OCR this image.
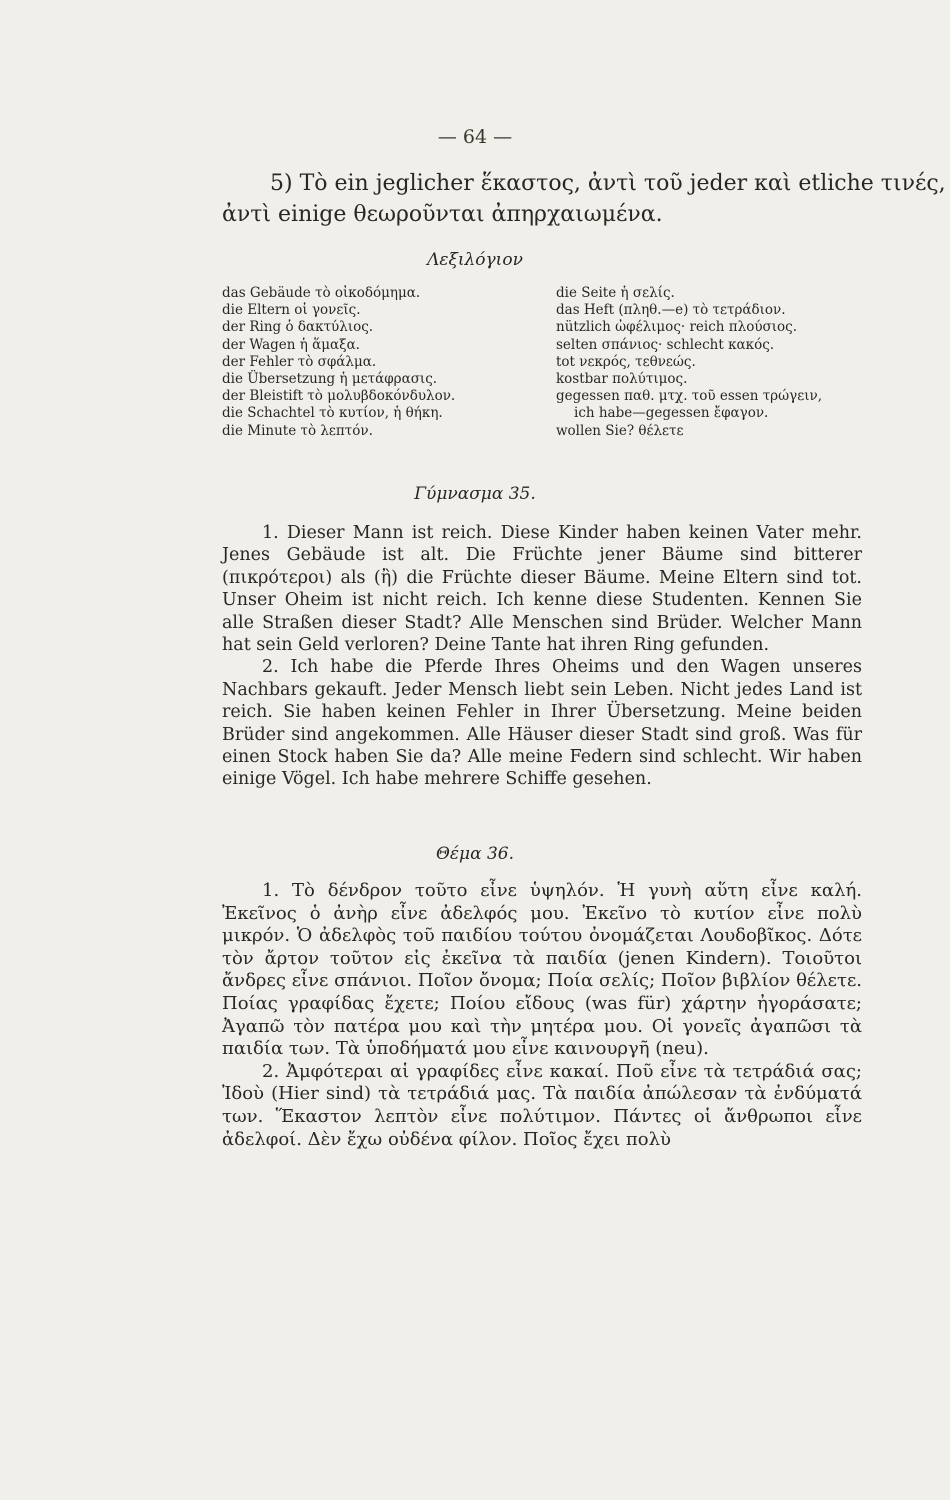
— 64 —
5) Τὸ ein jeglicher ἕκαστος, ἀντὶ τοῦ jeder καὶ etliche τινές,
ἀντὶ einige θεωροῦνται ἀπηρχαιωμένα.
Λεξιλόγιον
das Gebäude τὸ οἰκοδόμημα.
die Eltern οἱ γονεῖς.
der Ring ὁ δακτύλιος.
der Wagen ἡ ἅμαξα.
der Fehler τὸ σφάλμα.
die Übersetzung ἡ μετάφρασις.
der Bleistift τὸ μολυβδοκόνδυλον.
die Schachtel τὸ κυτίον, ἡ θήκη.
die Minute τὸ λεπτόν.
die Seite ἡ σελίς.
das Heft (πληθ.—e) τὸ τετράδιον.
nützlich ὠφέλιμος· reich πλούσιος.
selten σπάνιος· schlecht κακός.
tot νεκρός, τεθνεώς.
kostbar πολύτιμος.
gegessen παθ. μτχ. τοῦ essen τρώγειν,
ich habe—gegessen ἔφαγον.
wollen Sie? θέλετε
Γύμνασμα 35.

1. Dieser Mann ist reich. Diese Kinder haben keinen Vater mehr. Jenes Gebäude ist alt. Die Früchte jener Bäume sind bitterer (πικρότεροι) als (ἢ) die Früchte dieser Bäume. Meine Eltern sind tot. Unser Oheim ist nicht reich. Ich kenne diese Studenten. Kennen Sie alle Straßen dieser Stadt? Alle Menschen sind Brüder. Welcher Mann hat sein Geld verloren? Deine Tante hat ihren Ring gefunden.

2. Ich habe die Pferde Ihres Oheims und den Wagen unseres Nachbars gekauft. Jeder Mensch liebt sein Leben. Nicht jedes Land ist reich. Sie haben keinen Fehler in Ihrer Übersetzung. Meine beiden Brüder sind angekommen. Alle Häuser dieser Stadt sind groß. Was für einen Stock haben Sie da? Alle meine Federn sind schlecht. Wir haben einige Vögel. Ich habe mehrere Schiffe gesehen.

Θέμα 36.

1. Τὸ δένδρον τοῦτο εἶνε ὑψηλόν. Ἡ γυνὴ αὕτη εἶνε καλή. Ἐκεῖνος ὁ ἀνὴρ εἶνε ἀδελφός μου. Ἐκεῖνο τὸ κυτίον εἶνε πολὺ μικρόν. Ὁ ἀδελφὸς τοῦ παιδίου τούτου ὀνομάζεται Λουδοβῖκος. Δότε τὸν ἄρτον τοῦτον εἰς ἐκεῖνα τὰ παιδία (jenen Kindern). Τοιοῦτοι ἄνδρες εἶνε σπάνιοι. Ποῖον ὄνομα; Ποία σελίς; Ποῖον βιβλίον θέλετε. Ποίας γραφίδας ἔχετε; Ποίου εἴδους (was für) χάρτην ἠγοράσατε; Ἀγαπῶ τὸν πατέρα μου καὶ τὴν μητέρα μου. Οἱ γονεῖς ἀγαπῶσι τὰ παιδία των. Τὰ ὑποδήματά μου εἶνε καινουργῆ (neu).

2. Ἀμφότεραι αἱ γραφίδες εἶνε κακαί. Ποῦ εἶνε τὰ τετράδιά σας; Ἰδοὺ (Hier sind) τὰ τετράδιά μας. Τὰ παιδία ἀπώλεσαν τὰ ἐνδύματά των. Ἕκαστον λεπτὸν εἶνε πολύτιμον. Πάντες οἱ ἄνθρωποι εἶνε ἀδελφοί. Δὲν ἔχω οὐδένα φίλον. Ποῖος ἔχει πολὺ
